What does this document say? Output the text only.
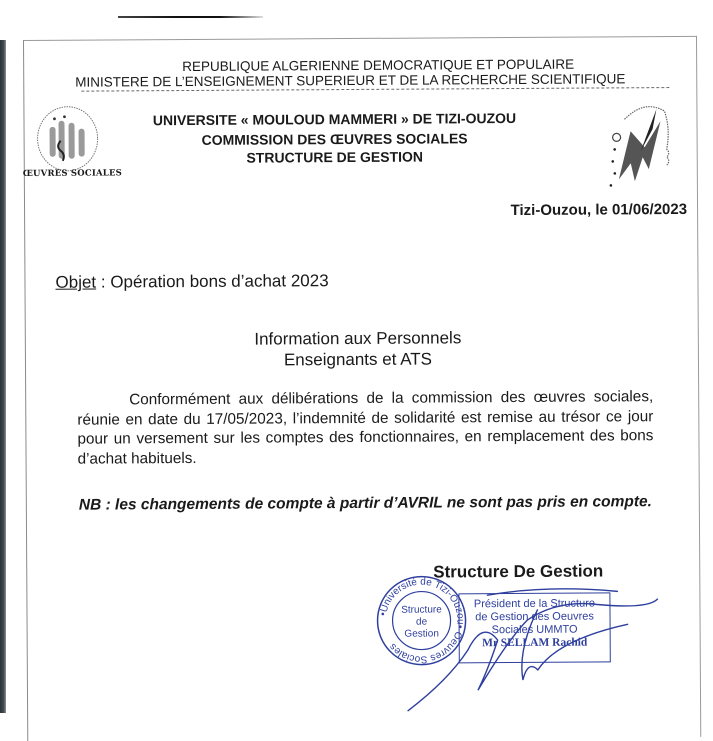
REPUBLIQUE ALGERIENNE DEMOCRATIQUE ET POPULAIRE
MINISTERE DE L’ENSEIGNEMENT SUPERIEUR ET DE LA RECHERCHE SCIENTIFIQUE
ŒUVRES SOCIALES
UNIVERSITE « MOULOUD MAMMERI » DE TIZI-OUZOU
COMMISSION DES ŒUVRES SOCIALES
STRUCTURE DE GESTION
Tizi-Ouzou, le 01/06/2023
Objet : Opération bons d’achat 2023
Information aux Personnels
Enseignants et ATS
Conformément aux délibérations de la commission des œuvres sociales, réunie en date du 17/05/2023, l’indemnité de solidarité est remise au trésor ce jour pour un versement sur les comptes des fonctionnaires, en remplacement des bons d’achat habituels.
NB : les changements de compte à partir d’AVRIL ne sont pas pris en compte.
Structure De Gestion
•Université de Tizi-Ouzou• Oeuvres Sociales
Structure
de
Gestion
Président de la Structure
de Gestion des Oeuvres
Sociales UMMTO
Mr SELLAM Rachid
